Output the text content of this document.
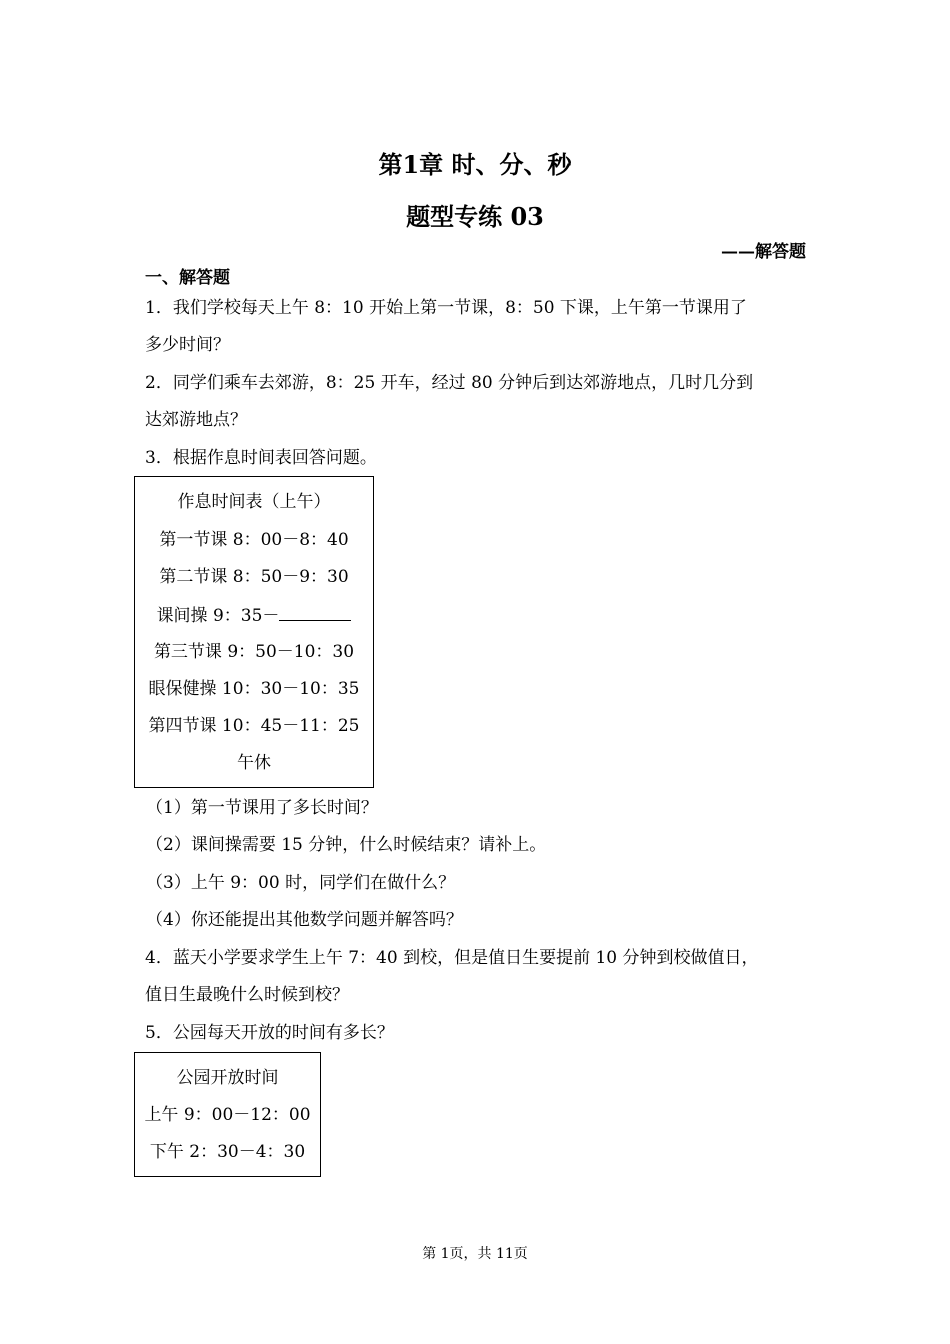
第1章 时、分、秒
题型专练 03
——解答题
一、解答题
1．我们学校每天上午 8：10 开始上第一节课，8：50 下课，上午第一节课用了
多少时间？
2．同学们乘车去郊游，8：25 开车，经过 80 分钟后到达郊游地点，几时几分到
达郊游地点？
3．根据作息时间表回答问题。
作息时间表（上午）
第一节课 8：00－8：40
第二节课 8：50－9：30
课间操 9：35－
第三节课 9：50－10：30
眼保健操 10：30－10：35
第四节课 10：45－11：25
午休
（1）第一节课用了多长时间？
（2）课间操需要 15 分钟，什么时候结束？请补上。
（3）上午 9：00 时，同学们在做什么？
（4）你还能提出其他数学问题并解答吗？
4．蓝天小学要求学生上午 7：40 到校，但是值日生要提前 10 分钟到校做值日，
值日生最晚什么时候到校？
5．公园每天开放的时间有多长？
公园开放时间
上午 9：00－12：00
下午 2：30－4：30
第 1页，共 11页
